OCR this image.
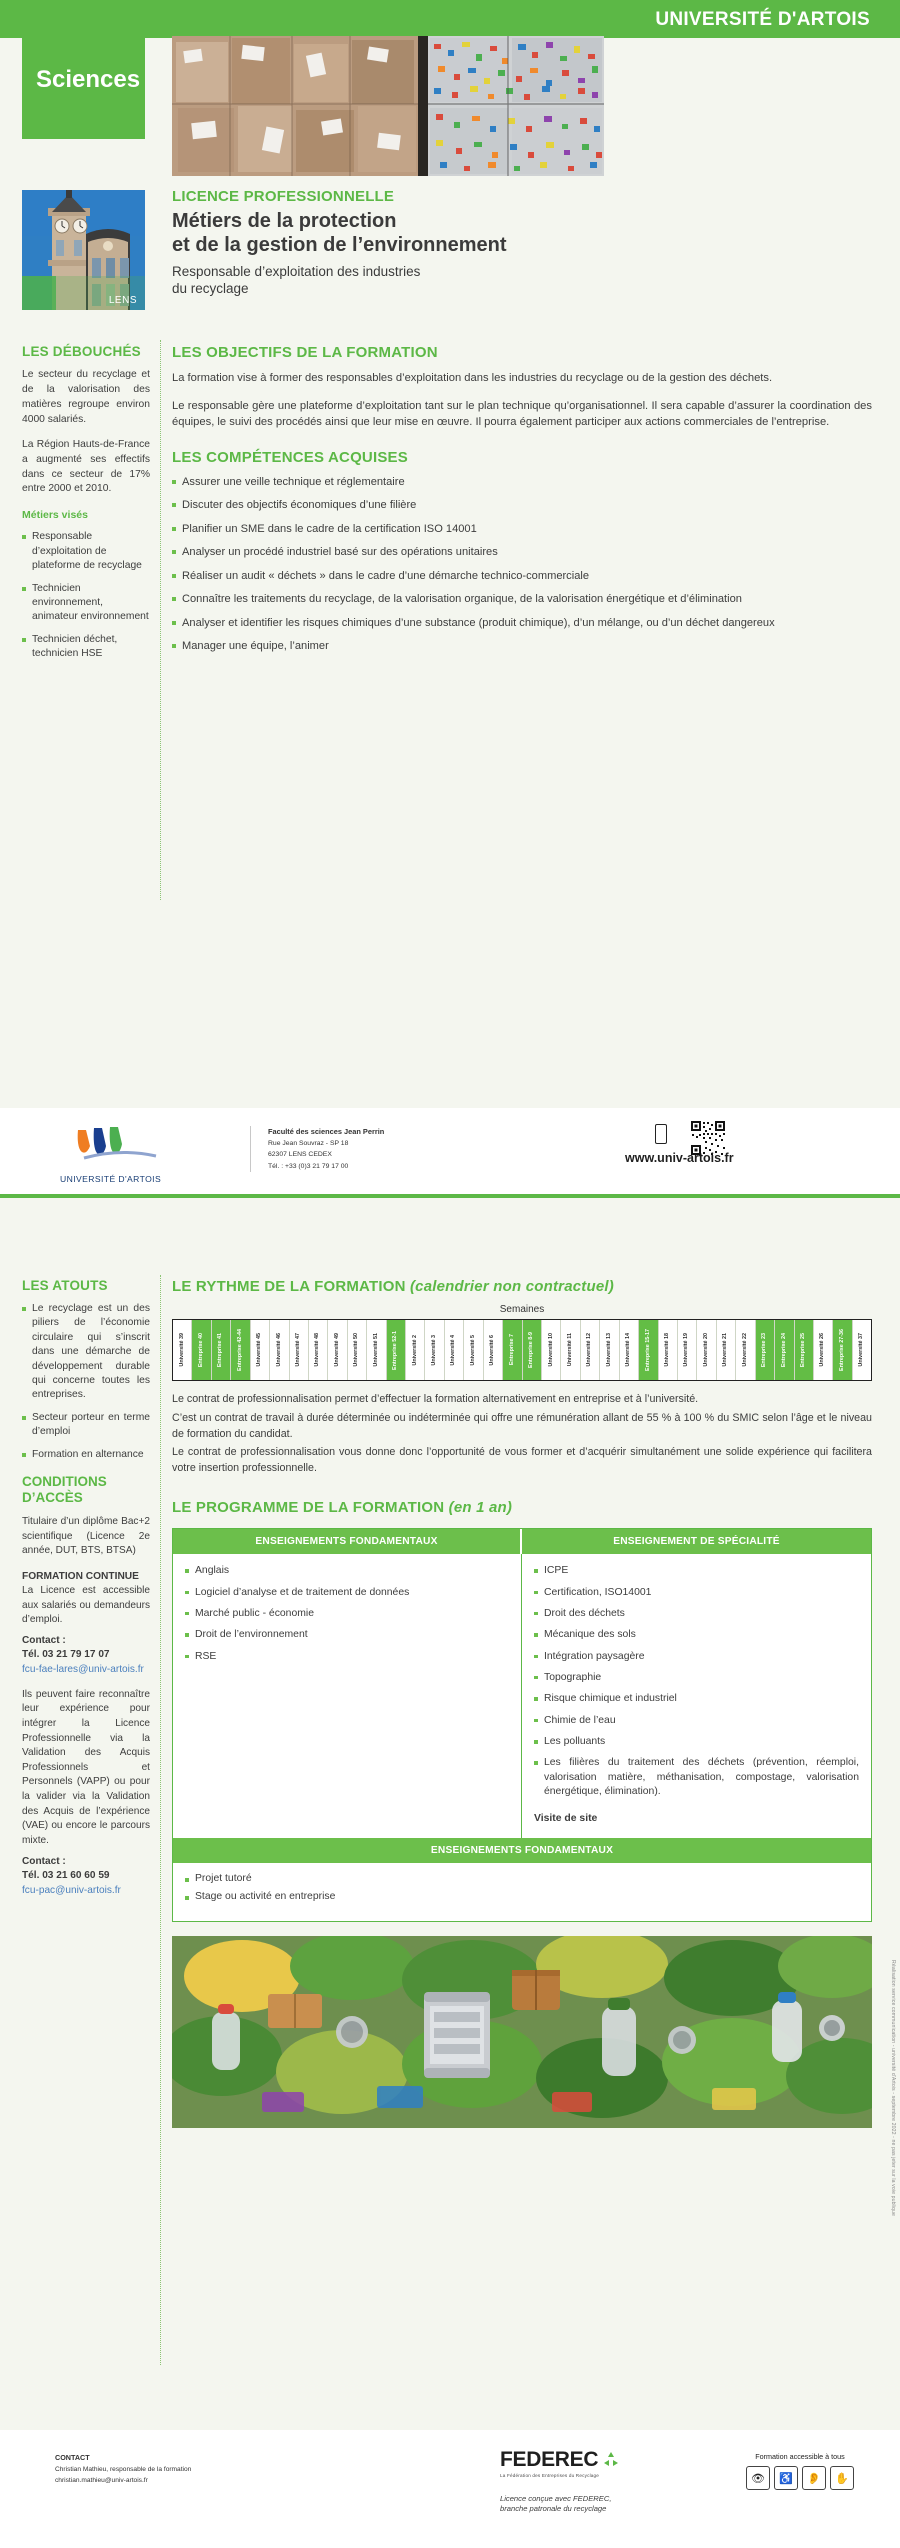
UNIVERSITÉ D'ARTOIS
Sciences
LENS
LICENCE PROFESSIONNELLE
Métiers de la protection
et de la gestion de l’environnement
Responsable d’exploitation des industries
du recyclage
LES DÉBOUCHÉS

Le secteur du recyclage et de la valorisation des matières regroupe environ 4000 salariés.

La Région Hauts-de-France a augmenté ses effectifs dans ce secteur de 17% entre 2000 et 2010.

Métiers visés
Responsable d’exploitation de plateforme de recyclage
Technicien environnement, animateur environnement
Technicien déchet, technicien HSE
LES OBJECTIFS DE LA FORMATION

La formation vise à former des responsables d’exploitation dans les industries du recyclage ou de la gestion des déchets.

Le responsable gère une plateforme d’exploitation tant sur le plan technique qu’organisationnel. Il sera capable d’assurer la coordination des équipes, le suivi des procédés ainsi que leur mise en œuvre. Il pourra également participer aux actions commerciales de l’entreprise.

LES COMPÉTENCES ACQUISES
Assurer une veille technique et réglementaire
Discuter des objectifs économiques d’une filière
Planifier un SME dans le cadre de la certification ISO 14001
Analyser un procédé industriel basé sur des opérations unitaires
Réaliser un audit « déchets » dans le cadre d’une démarche technico-commerciale
Connaître les traitements du recyclage, de la valorisation organique, de la valorisation énergétique et d’élimination
Analyser et identifier les risques chimiques d’une substance (produit chimique), d’un mélange, ou d’un déchet dangereux
Manager une équipe, l’animer
UNIVERSITÉ D'ARTOIS
Faculté des sciences Jean Perrin
Rue Jean Souvraz - SP 18
62307 LENS CEDEX
Tél. : +33 (0)3 21 79 17 00
www.univ-artois.fr
LES ATOUTS
Le recyclage est un des piliers de l’économie circulaire qui s’inscrit dans une démarche de développement durable qui concerne toutes les entreprises.
Secteur porteur en terme d’emploi
Formation en alternance
CONDITIONS
D’ACCÈS
Titulaire d’un diplôme Bac+2 scientifique (Licence 2e année, DUT, BTS, BTSA)
FORMATION CONTINUE
La Licence est accessible aux salariés ou demandeurs d’emploi.
Contact :
Tél. 03 21 79 17 07
fcu-fae-lares@univ-artois.fr
Ils peuvent faire reconnaître leur expérience pour intégrer la Licence Professionnelle via la Validation des Acquis Professionnels et Personnels (VAPP) ou pour la valider via la Validation des Acquis de l’expérience (VAE) ou encore le parcours mixte.
Contact :
Tél. 03 21 60 60 59
fcu-pac@univ-artois.fr
LE RYTHME DE LA FORMATION (calendrier non contractuel)
Semaines
Université 39 Entreprise 40 Entreprise 41 Entreprise 42-44 Université 45 Université 46 Université 47 Université 48 Université 49 Université 50 Université 51 Entreprise 52-1 Université 2 Université 3 Université 4 Université 5 Université 6 Entreprise 7 Entreprise 8-9 Université 10 Université 11 Université 12 Université 13 Université 14 Entreprise 15-17 Université 18 Université 19 Université 20 Université 21 Université 22 Entreprise 23 Entreprise 24 Entreprise 25 Université 26 Entreprise 27-36 Université 37

Le contrat de professionnalisation permet d’effectuer la formation alternativement en entreprise et à l’université.

C’est un contrat de travail à durée déterminée ou indéterminée qui offre une rémunération allant de 55 % à 100 % du SMIC selon l’âge et le niveau de formation du candidat.

Le contrat de professionnalisation vous donne donc l’opportunité de vous former et d’acquérir simultanément une solide expérience qui facilitera votre insertion professionnelle.

LE PROGRAMME DE LA FORMATION (en 1 an)
ENSEIGNEMENTS FONDAMENTAUX	ENSEIGNEMENT DE SPÉCIALITÉ
Anglais
Logiciel d’analyse et de traitement de données
Marché public - économie
Droit de l’environnement
RSE
ICPE
Certification, ISO14001
Droit des déchets
Mécanique des sols
Intégration paysagère
Topographie
Risque chimique et industriel
Chimie de l’eau
Les polluants
Les filières du traitement des déchets (prévention, réemploi, valorisation matière, méthanisation, compostage, valorisation énergétique, élimination).
Visite de site
ENSEIGNEMENTS FONDAMENTAUX
Projet tutoré
Stage ou activité en entreprise
Réalisation service communication - université d'Artois - septembre 2022 - ne pas jeter sur la voie publique
CONTACT
Christian Mathieu, responsable de la formation
christian.mathieu@univ-artois.fr
FEDEREC
La Fédération des Entreprises du Recyclage
Licence conçue avec FEDEREC,
branche patronale du recyclage
Formation accessible à tous
👁	♿	👂	✋
